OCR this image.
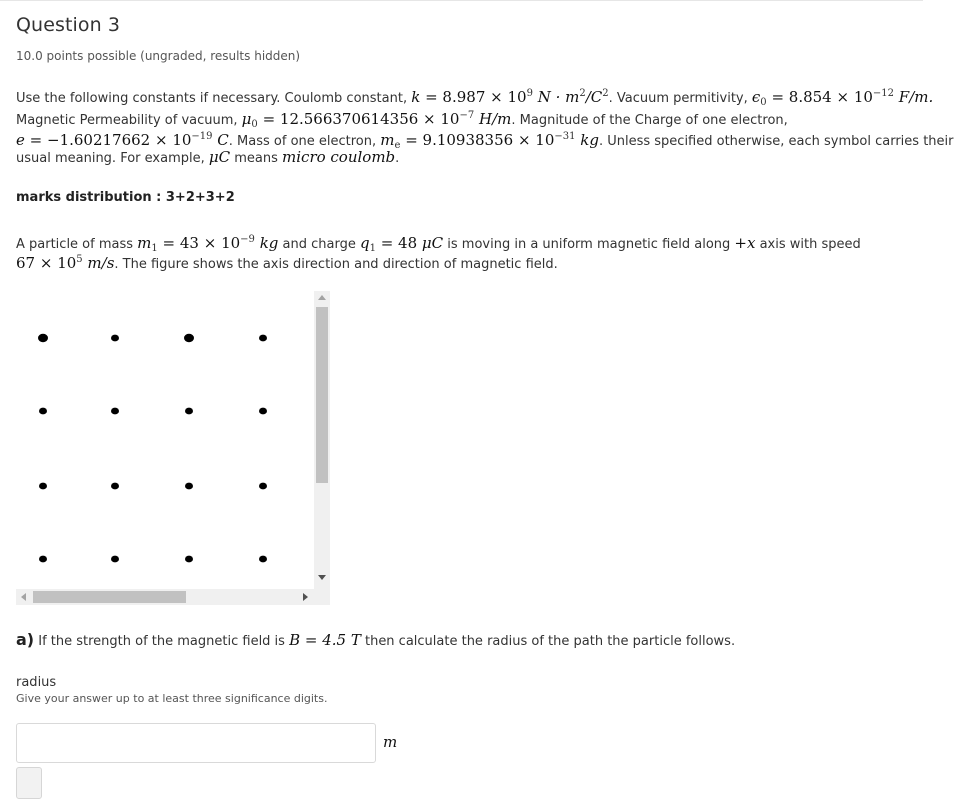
Question 3
10.0 points possible (ungraded, results hidden)
Use the following constants if necessary. Coulomb constant, $k = 8.987 \times 10^9$ $N \cdot m^2/C^2$. Vacuum permitivity, $\epsilon_0 = 8.854 \times 10^{-12}$ F/m.
Magnetic Permeability of vacuum, $\mu_0 = 12.566370614356 \times 10^{-7}$ H/m. Magnitude of the Charge of one electron,
$e = -1.60217662 \times 10^{-19}$ C. Mass of one electron, $m_e = 9.10938356 \times 10^{-31}$ kg. Unless specified otherwise, each symbol carries their
usual meaning. For example, μC means micro coulomb.
marks distribution : 3+2+3+2
A particle of mass $m_1 = 43 \times 10^{-9}$ kg and charge $q_1 = 48$ μC is moving in a uniform magnetic field along +x axis with speed
$67 \times 10^5$ m/s. The figure shows the axis direction and direction of magnetic field.
a) If the strength of the magnetic field is B = 4.5 T then calculate the radius of the path the particle follows.
radius
Give your answer up to at least three significance digits.
m
